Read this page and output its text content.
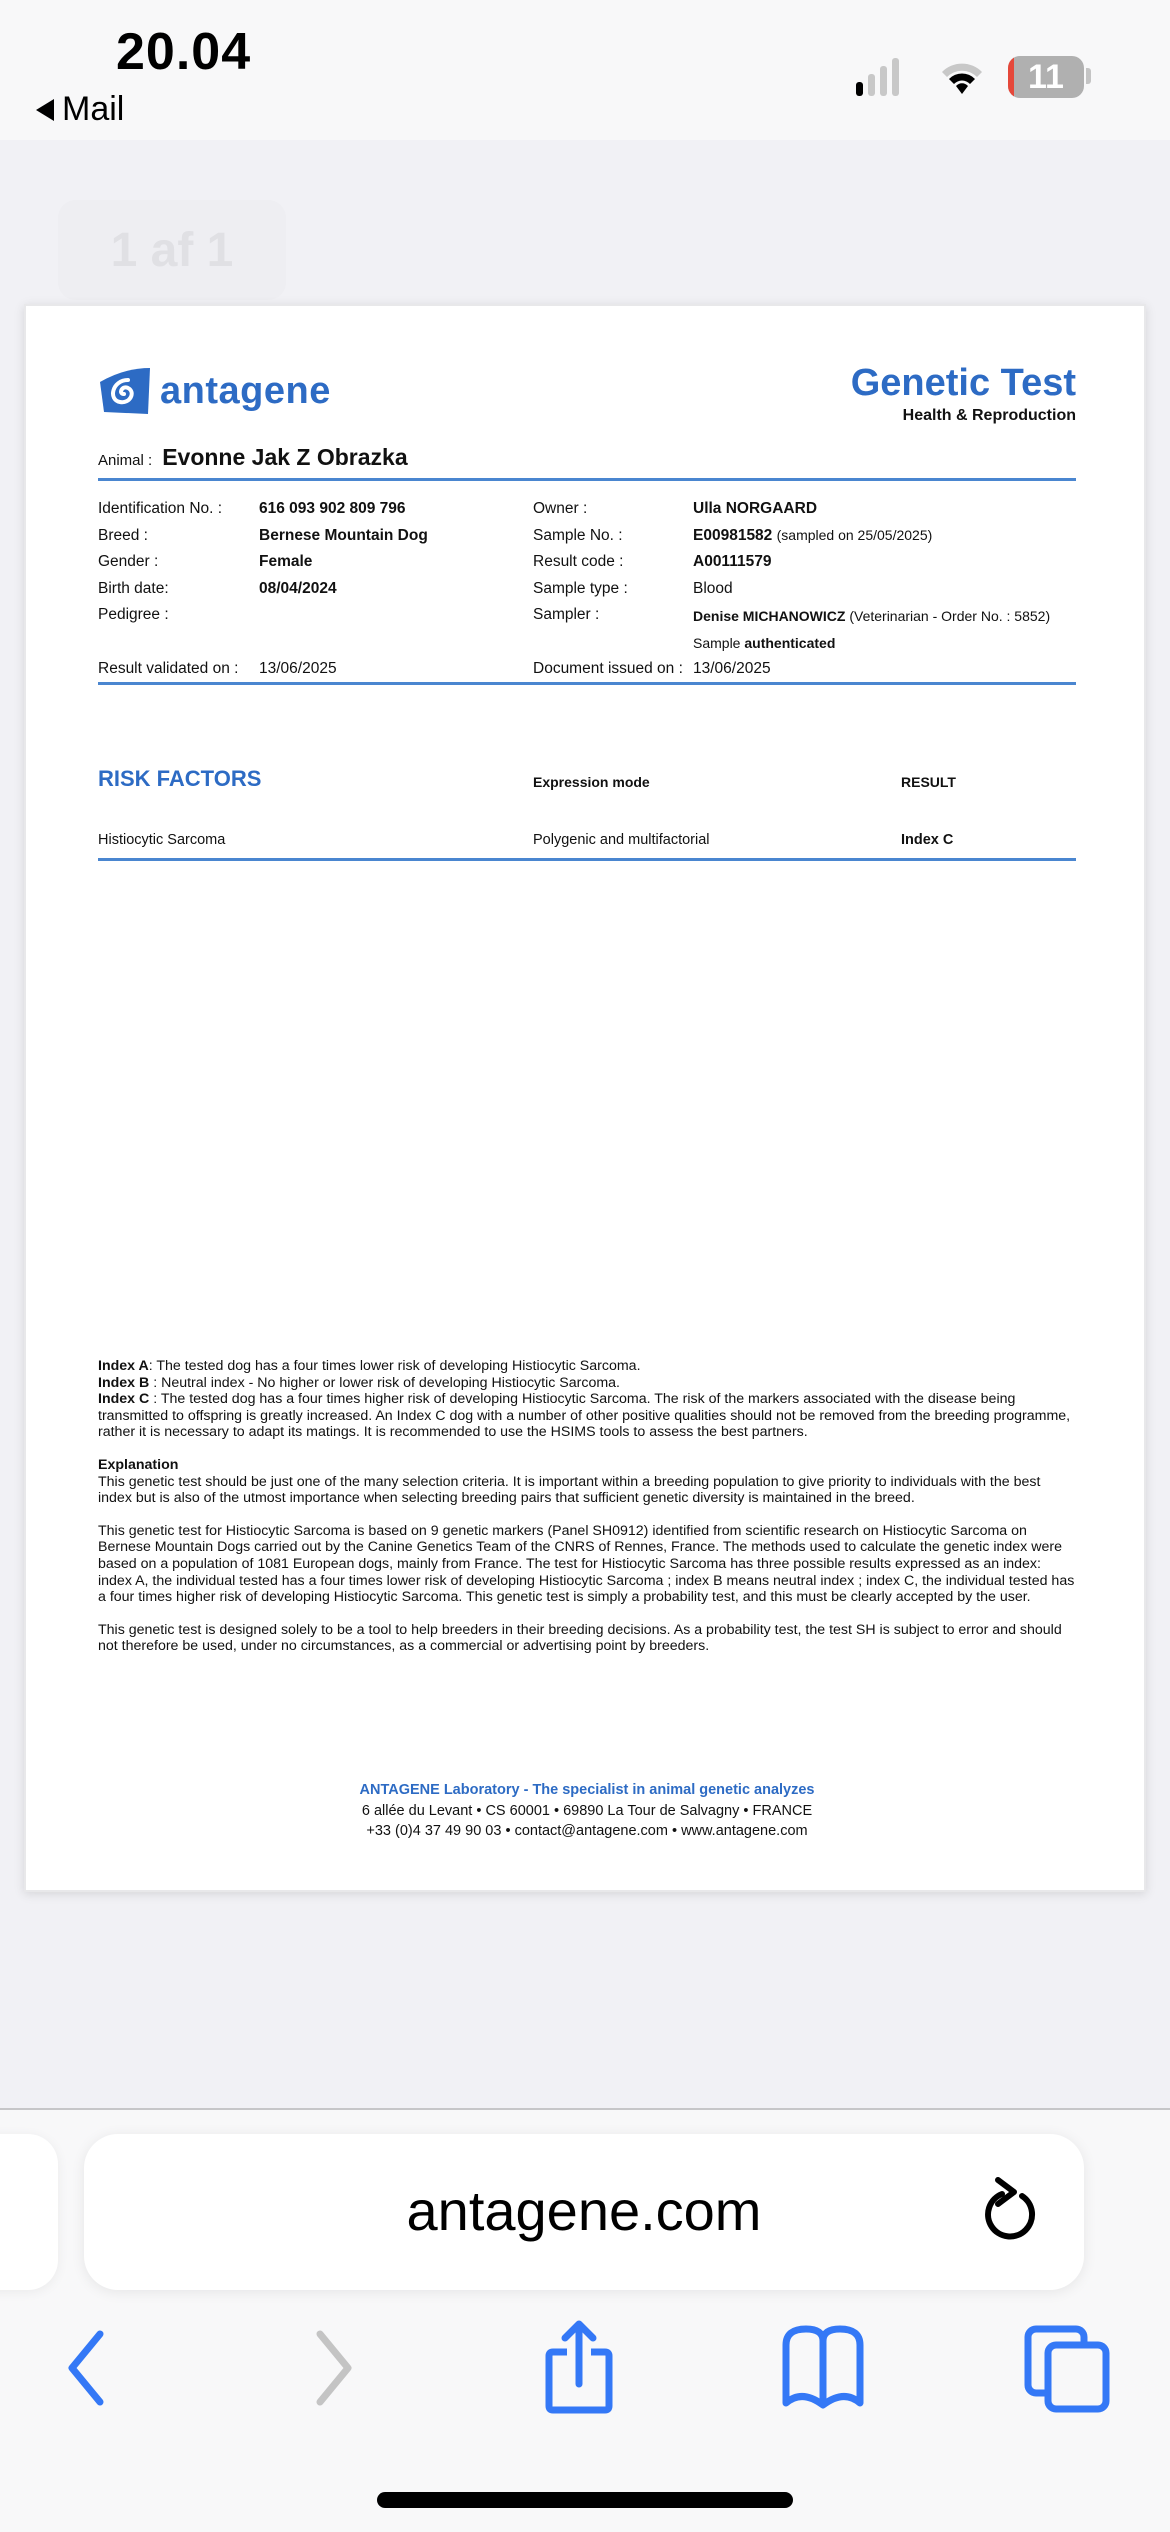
20.04
Mail
11
1 af 1
antagene	Genetic Test
Health & Reproduction
Animal : Evonne Jak Z Obrazka
Identification No. : 616 093 902 809 796
Breed :	Bernese Mountain Dog
Gender :	Female
Birth date:	08/04/2024
Pedigree :
Result validated on : 13/06/2025
Owner :	Ulla NORGAARD
Sample No. :	E00981582 (sampled on 25/05/2025)
Result code :	A00111579
Sample type :	Blood
Sampler :	Denise MICHANOWICZ (Veterinarian - Order No. : 5852)
Sample authenticated
Document issued on : 13/06/2025
RISK FACTORS	Expression mode	RESULT
Histiocytic Sarcoma	Polygenic and multifactorial	Index C

Index A: The tested dog has a four times lower risk of developing Histiocytic Sarcoma.
Index B : Neutral index - No higher or lower risk of developing Histiocytic Sarcoma.
Index C : The tested dog has a four times higher risk of developing Histiocytic Sarcoma. The risk of the markers associated with the disease being transmitted to offspring is greatly increased. An Index C dog with a number of other positive qualities should not be removed from the breeding programme, rather it is necessary to adapt its matings. It is recommended to use the HSIMS tools to assess the best partners.

Explanation
This genetic test should be just one of the many selection criteria. It is important within a breeding population to give priority to individuals with the best index but is also of the utmost importance when selecting breeding pairs that sufficient genetic diversity is maintained in the breed.

This genetic test for Histiocytic Sarcoma is based on 9 genetic markers (Panel SH0912) identified from scientific research on Histiocytic Sarcoma on Bernese Mountain Dogs carried out by the Canine Genetics Team of the CNRS of Rennes, France. The methods used to calculate the genetic index were based on a population of 1081 European dogs, mainly from France. The test for Histiocytic Sarcoma has three possible results expressed as an index: index A, the individual tested has a four times lower risk of developing Histiocytic Sarcoma ; index B means neutral index ; index C, the individual tested has a four times higher risk of developing Histiocytic Sarcoma. This genetic test is simply a probability test, and this must be clearly accepted by the user.

This genetic test is designed solely to be a tool to help breeders in their breeding decisions. As a probability test, the test SH is subject to error and should not therefore be used, under no circumstances, as a commercial or advertising point by breeders.

ANTAGENE Laboratory - The specialist in animal genetic analyzes
6 allée du Levant • CS 60001 • 69890 La Tour de Salvagny • FRANCE
+33 (0)4 37 49 90 03 • contact@antagene.com • www.antagene.com
antagene.com
